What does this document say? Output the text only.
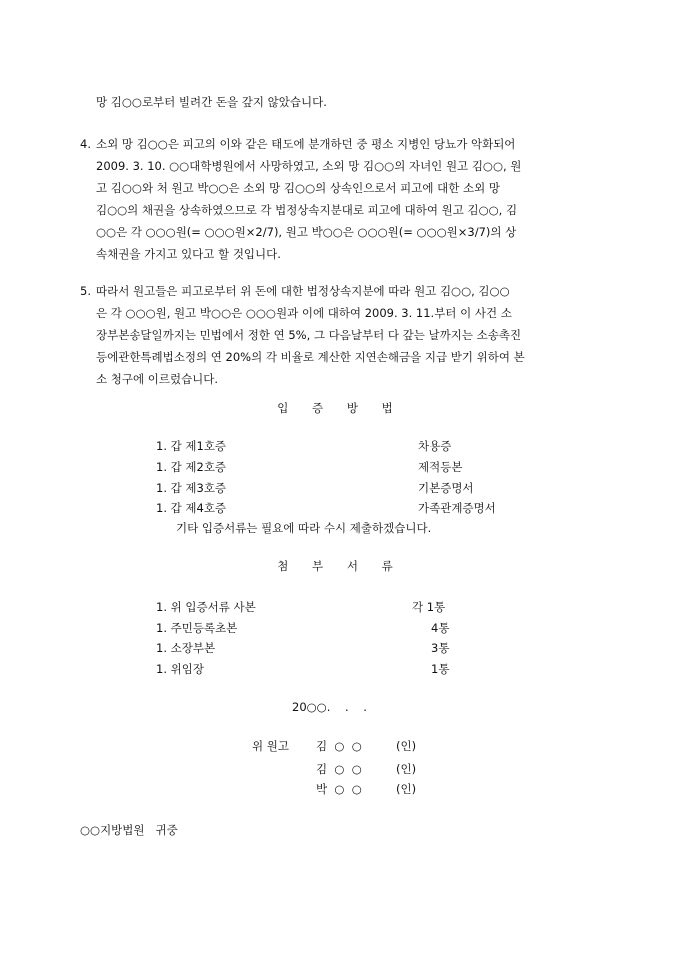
망 김○○로부터 빌려간 돈을 갚지 않았습니다.
4. 소외 망 김○○은 피고의 이와 같은 태도에 분개하던 중 평소 지병인 당뇨가 악화되어
2009. 3. 10. ○○대학병원에서 사망하였고, 소외 망 김○○의 자녀인 원고 김○○, 원
고 김○○와 처 원고 박○○은 소외 망 김○○의 상속인으로서 피고에 대한 소외 망
김○○의 채권을 상속하였으므로 각 법정상속지분대로 피고에 대하여 원고 김○○, 김
○○은 각 ○○○원(= ○○○원×2/7), 원고 박○○은 ○○○원(= ○○○원×3/7)의 상
속채권을 가지고 있다고 할 것입니다.
5. 따라서 원고들은 피고로부터 위 돈에 대한 법정상속지분에 따라 원고 김○○, 김○○
은 각 ○○○원, 원고 박○○은 ○○○원과 이에 대하여 2009. 3. 11.부터 이 사건 소
장부본송달일까지는 민법에서 정한 연 5%, 그 다음날부터 다 갚는 날까지는 소송촉진
등에관한특례법소정의 연 20%의 각 비율로 계산한 지연손해금을 지급 받기 위하여 본
소 청구에 이르렀습니다.
입 증 방 법
1. 갑 제1호증	차용증
1. 갑 제2호증	제적등본
1. 갑 제3호증	기본증명서
1. 갑 제4호증	가족관계증명서
기타 입증서류는 필요에 따라 수시 제출하겠습니다.
첨 부 서 류
1. 위 입증서류 사본	각 1통
1. 주민등록초본	4통
1. 소장부본	3통
1. 위임장	1통
20○○.    .    .
위 원고 김  ○  ○	(인)
김  ○  ○	(인)
박  ○  ○	(인)
○○지방법원   귀중
